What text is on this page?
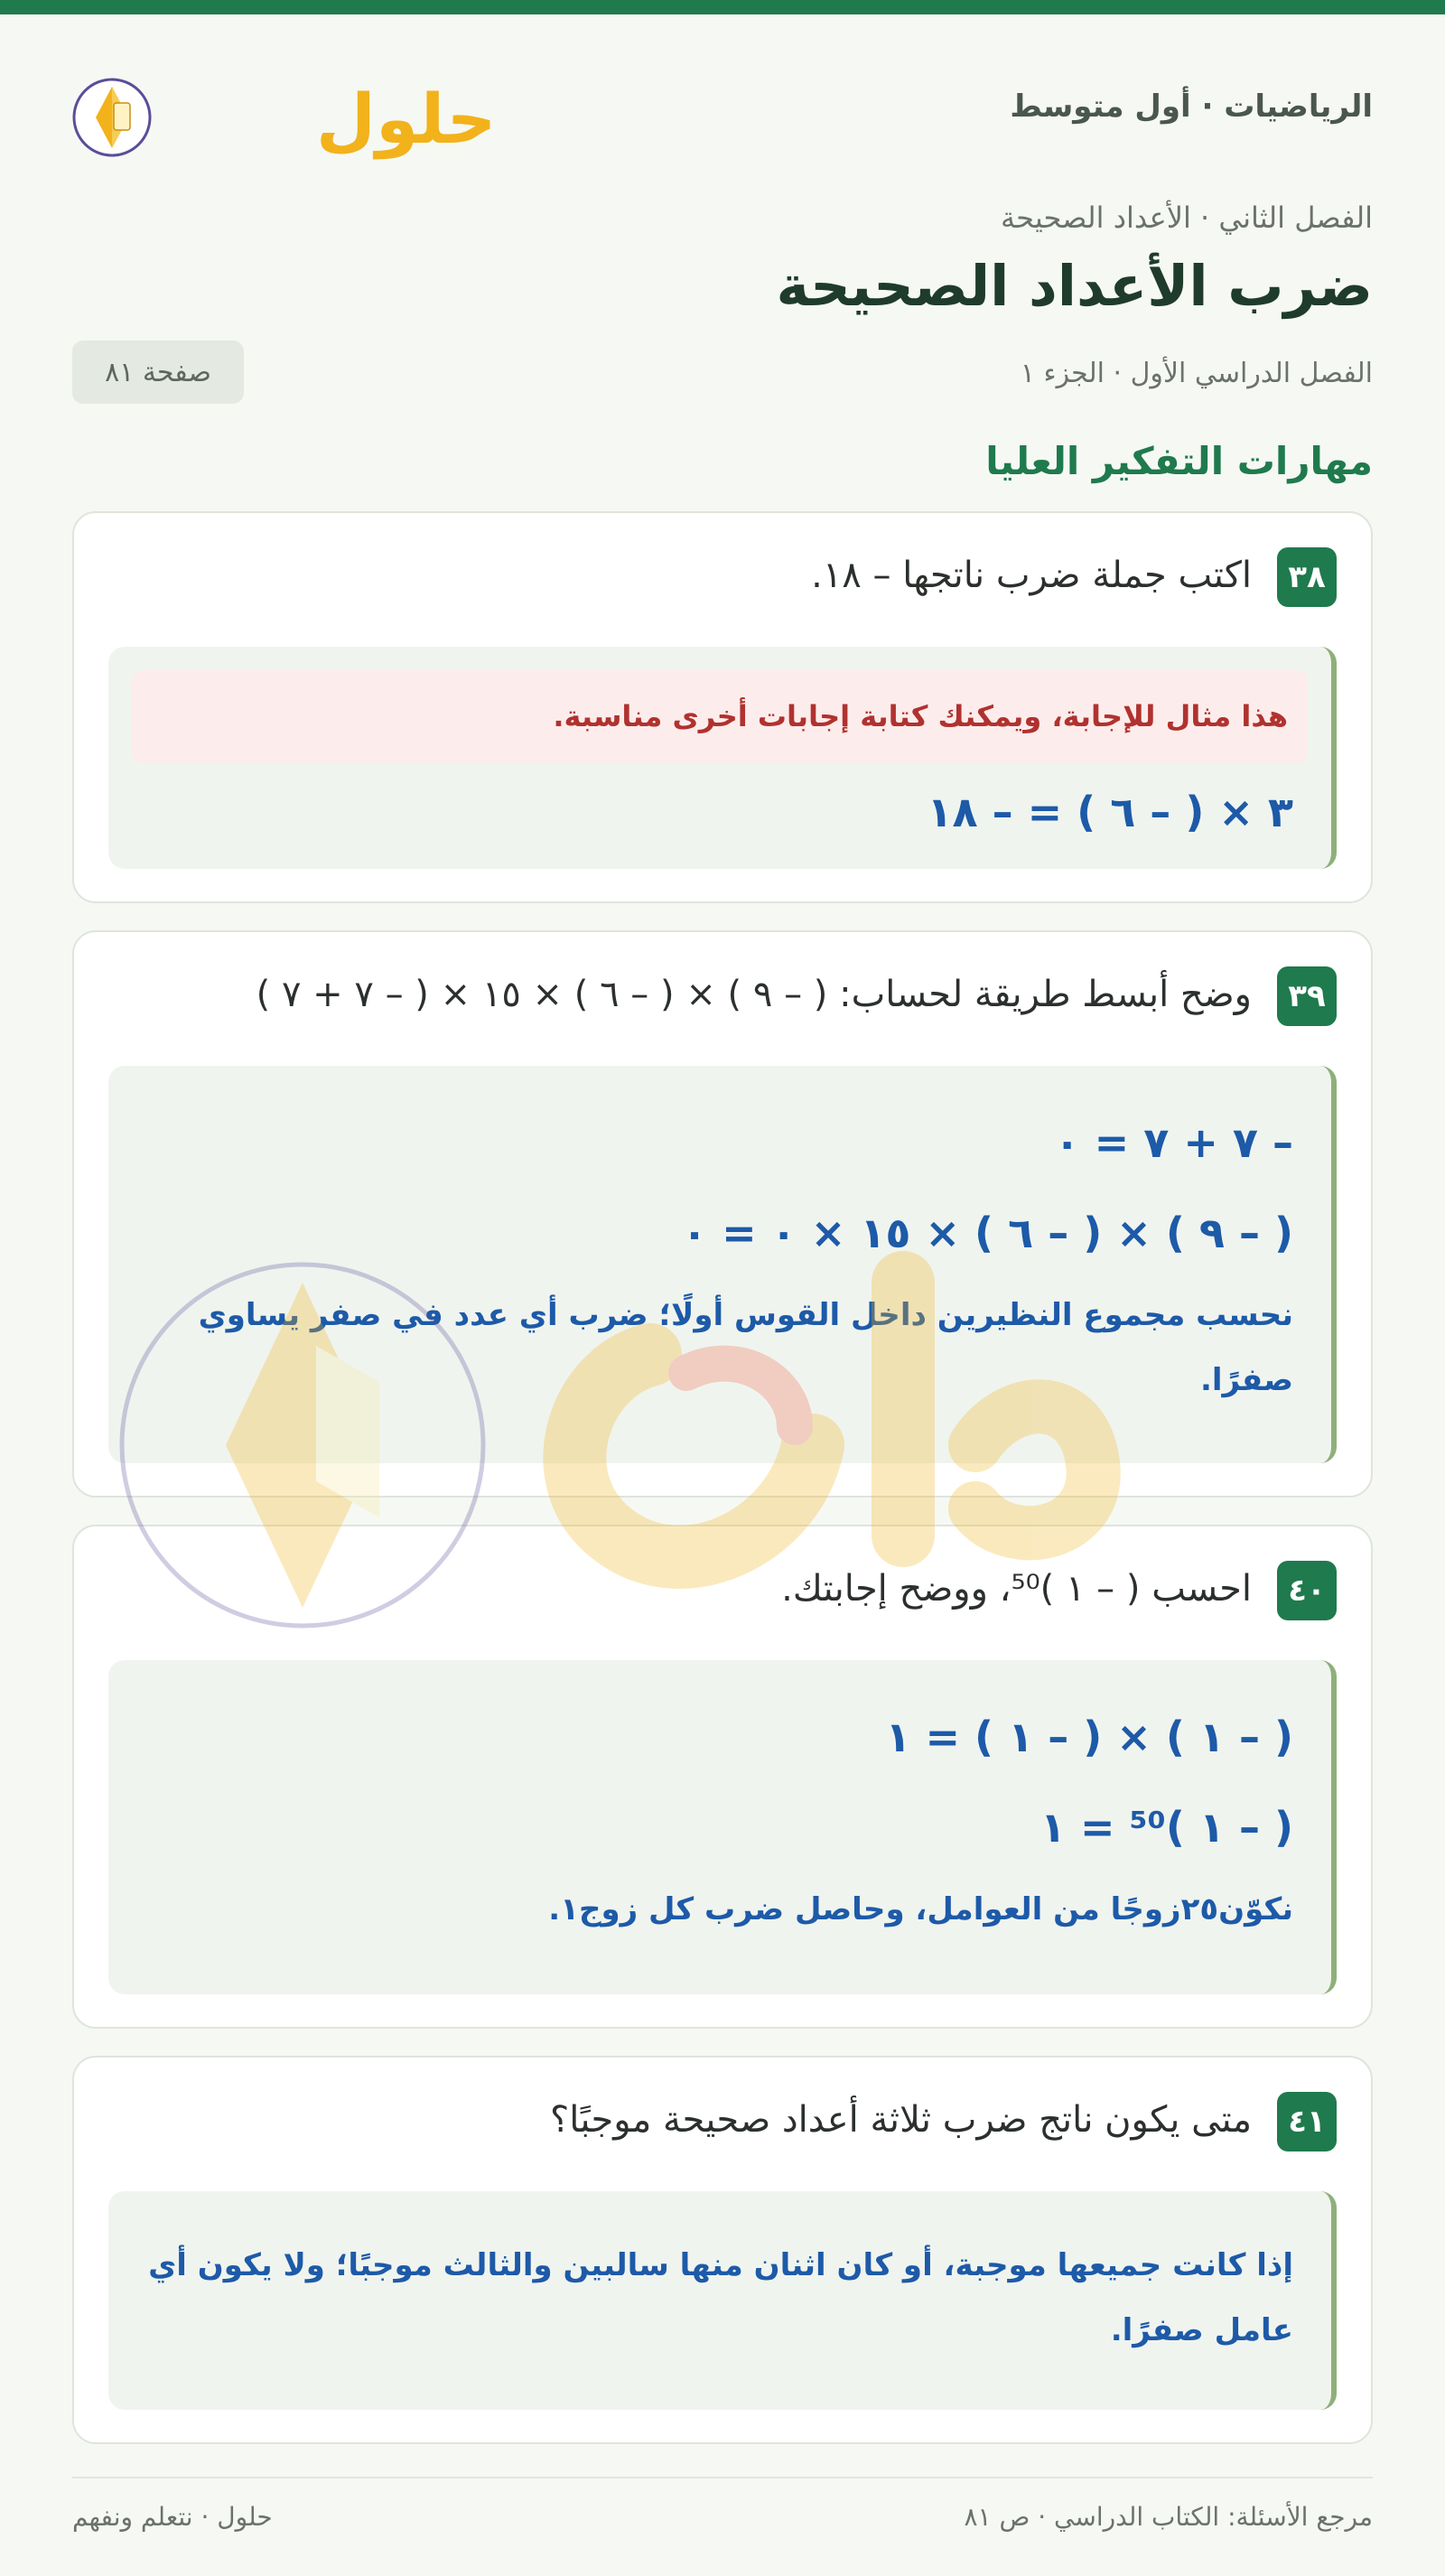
الرياضيات · أول متوسط
حلول
الفصل الثاني · الأعداد الصحيحة
ضرب الأعداد الصحيحة
الفصل الدراسي الأول · الجزء ١
صفحة ٨١
مهارات التفكير العليا
٣٨
اكتب جملة ضرب ناتجها – ١٨.
هذا مثال للإجابة، ويمكنك كتابة إجابات أخرى مناسبة.
٣ × ( – ٦ ) = – ١٨
٣٩
وضح أبسط طريقة لحساب: ( – ٩ ) × ( – ٦ ) × ١٥ × ( – ٧ + ٧ )
– ٧ + ٧ = ٠
( – ٩ ) × ( – ٦ ) × ١٥ × ٠ = ٠
نحسب مجموع النظيرين داخل القوس أولًا؛ ضرب أي عدد في صفر يساوي صفرًا.
٤٠
احسب ( – ١ )⁵⁰، ووضح إجابتك.
( – ١ ) × ( – ١ ) = ١
( – ١ )⁵⁰ = ١
نكوّن٢٥زوجًا من العوامل، وحاصل ضرب كل زوج١.
٤١
متى يكون ناتج ضرب ثلاثة أعداد صحيحة موجبًا؟
إذا كانت جميعها موجبة، أو كان اثنان منها سالبين والثالث موجبًا؛ ولا يكون أي عامل صفرًا.
مرجع الأسئلة: الكتاب الدراسي · ص ٨١
حلول · نتعلم ونفهم
